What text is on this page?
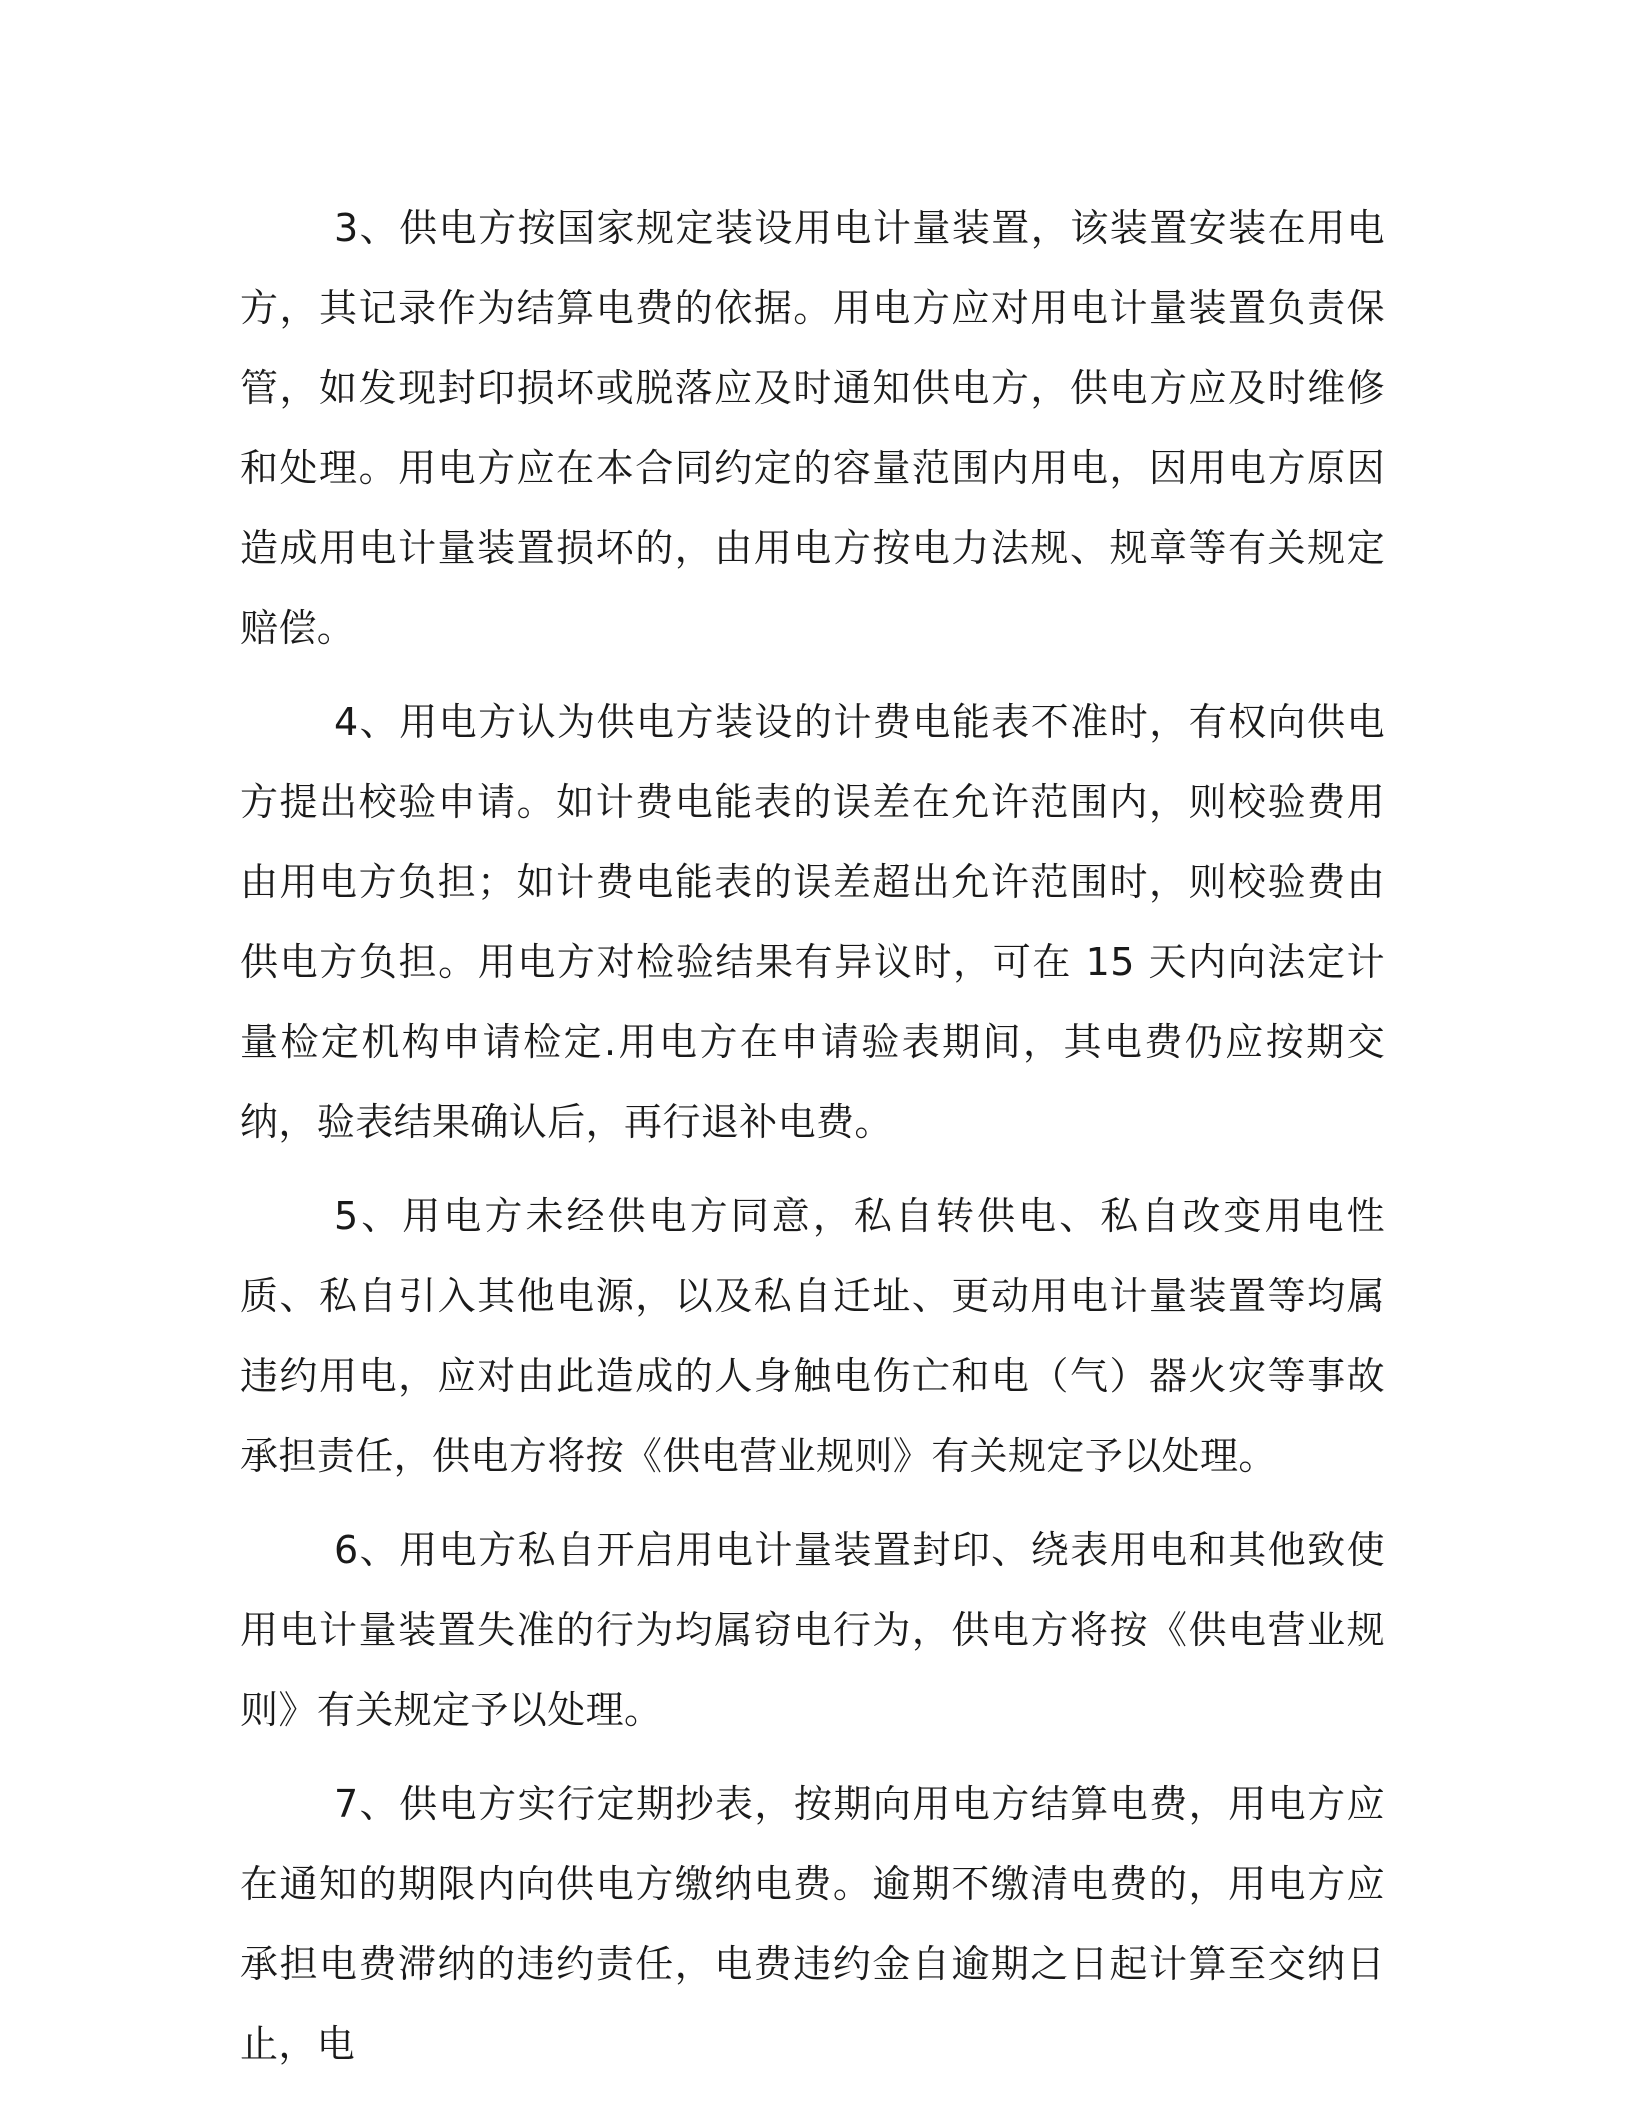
3、供电方按国家规定装设用电计量装置，该装置安装在用电方，其记录作为结算电费的依据。用电方应对用电计量装置负责保管，如发现封印损坏或脱落应及时通知供电方，供电方应及时维修和处理。用电方应在本合同约定的容量范围内用电，因用电方原因造成用电计量装置损坏的，由用电方按电力法规、规章等有关规定赔偿。

4、用电方认为供电方装设的计费电能表不准时，有权向供电方提出校验申请。如计费电能表的误差在允许范围内，则校验费用由用电方负担；如计费电能表的误差超出允许范围时，则校验费由供电方负担。用电方对检验结果有异议时，可在 15 天内向法定计量检定机构申请检定.用电方在申请验表期间，其电费仍应按期交纳，验表结果确认后，再行退补电费。

5、用电方未经供电方同意，私自转供电、私自改变用电性质、私自引入其他电源，以及私自迁址、更动用电计量装置等均属违约用电，应对由此造成的人身触电伤亡和电（气）器火灾等事故承担责任，供电方将按《供电营业规则》有关规定予以处理。

6、用电方私自开启用电计量装置封印、绕表用电和其他致使用电计量装置失准的行为均属窃电行为，供电方将按《供电营业规则》有关规定予以处理。

7、供电方实行定期抄表，按期向用电方结算电费，用电方应在通知的期限内向供电方缴纳电费。逾期不缴清电费的，用电方应承担电费滞纳的违约责任，电费违约金自逾期之日起计算至交纳日止，电
